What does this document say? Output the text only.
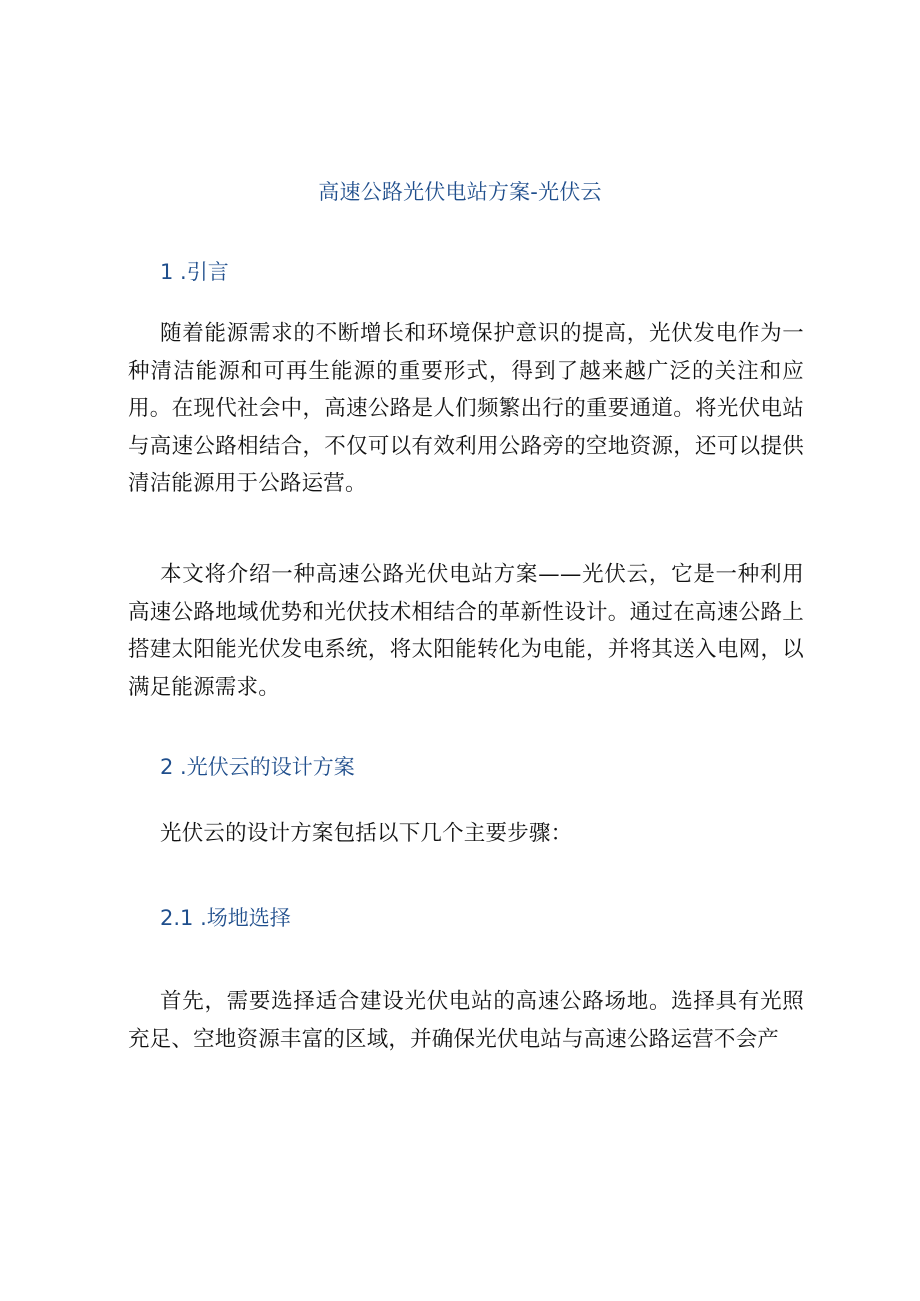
高速公路光伏电站方案-光伏云
1 .引言
随着能源需求的不断增长和环境保护意识的提高，光伏发电作为一种清洁能源和可再生能源的重要形式，得到了越来越广泛的关注和应用。在现代社会中，高速公路是人们频繁出行的重要通道。将光伏电站与高速公路相结合，不仅可以有效利用公路旁的空地资源，还可以提供清洁能源用于公路运营。
本文将介绍一种高速公路光伏电站方案——光伏云，它是一种利用高速公路地域优势和光伏技术相结合的革新性设计。通过在高速公路上搭建太阳能光伏发电系统，将太阳能转化为电能，并将其送入电网，以满足能源需求。
2 .光伏云的设计方案
光伏云的设计方案包括以下几个主要步骤：
2.1 .场地选择
首先，需要选择适合建设光伏电站的高速公路场地。选择具有光照充足、空地资源丰富的区域，并确保光伏电站与高速公路运营不会产
